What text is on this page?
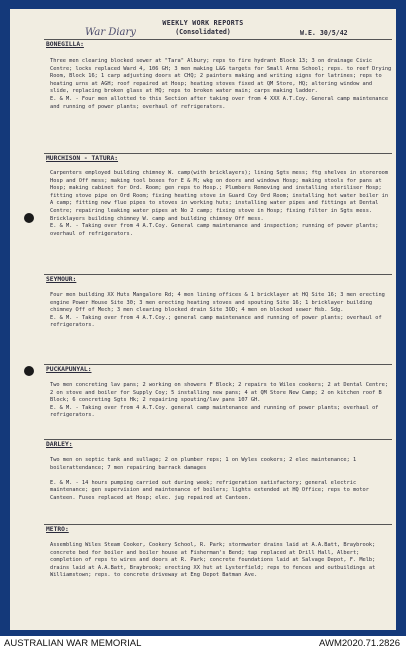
WEEKLY WORK REPORTS
(Consolidated)	W.E. 30/5/42
War Diary
BONEGILLA:
Three men clearing blocked sewer at "Tara" Albury; reps to fire hydrant Block 13; 3 on drainage Civic Centre; locks replaced Ward 4, 106 GH; 3 men making L&G targets for Small Arms School; reps. to reef Drying Room, Block 16; 1 carp adjusting doors at CHQ; 2 painters making and writing signs for latrines; reps to heating urns at AGH; roof repaired at Hosp; heating stoves fixed at QM Store, HQ; altering window and slide, replacing broken glass at HQ; reps to broken water main; carps making ladder.
E. & M. - Four men allotted to this Section after taking over from 4 XXX A.T.Coy. General camp maintenance and running of power plants; overhaul of refrigerators.
MURCHISON - TATURA:
Carpenters employed building chimney W. camp(with bricklayers); lining Sgts mess; ftg shelves in storeroom Hosp and Off mess; making tool boxes for E & M; wkg on doors and windows Hosp; making stools for pans at Hosp; making cabinet for Ord. Room; gen reps to Hosp.; Plumbers Removing and installing steriliser Hosp; fitting stove pipe on Ord Room; fixing heating stove in Guard Coy Ord Room; installing hot water boiler in A camp; fitting new flue pipes to stoves in working huts; installing water pipes and fittings at Dental Centre; repairing leaking water pipes at No 2 camp; fixing stove in Hosp; fixing filter in Sgts mess. Bricklayers building chimney W. camp and building chimney Off mess.
E. & M. - Taking over from 4 A.T.Coy. General camp maintenance and inspection; running of power plants; overhaul of refrigerators.
SEYMOUR:
Four men building XX Huts Mangalore Rd; 4 men lining offices & 1 bricklayer at HQ Site 16; 3 men erecting engine Power House Site 30; 3 men erecting heating stoves and spouting Site 16; 1 bricklayer building chimney Off of Mech; 3 men clearing blocked drain Site 3OD; 4 men on blocked sewer Hsb. Sdg.
E. & M. - Taking over from 4 A.T.Coy.; general camp maintenance and running of power plants; overhaul of refrigerators.
PUCKAPUNYAL:
Two men concreting lav pans; 2 working on showers F Block; 2 repairs to Wiles cookers; 2 at Dental Centre; 2 on stove and boiler for Supply Coy; 5 installing new pans; 4 at QM Store New Camp; 2 on kitchen roof B Block; 6 concreting Sgts Hk; 2 repairing spouting/lav pans 107 GH.
E. & M. - Taking over from 4 A.T.Coy. general camp maintenance and running of power plants; overhaul of refrigerators.
DARLEY:
Two men on septic tank and sullage; 2 on plumber reps; 1 on Wyles cookers; 2 elec maintenance; 1 boilerattendance; 7 men repairing barrack damages

E. & M. - 14 hours pumping carried out during week; refrigeration satisfactory; general electric maintenance; gen supervision and maintenance of boilers; lights extended at HQ Office; reps to motor Canteen. Fuses replaced at Hosp; elec. jug repaired at Canteen.
METRO:
Assembling Wiles Steam Cooker, Cookery School, R. Park; stormwater drains laid at A.A.Batt, Braybrook; concrete bed for boiler and boiler house at Fisherman's Bend; tap replaced at Drill Hall, Albert; completion of reps to wires and doors at R. Park; concrete foundations laid at Salvage Depot, F. Melb; drains laid at A.A.Batt, Braybrook; erecting XX hut at Lysterfield; reps to fences and outbuildings at Williamstown; reps. to concrete driveway at Eng Depot Batman Ave.
AUSTRALIAN WAR MEMORIAL	AWM2020.71.2826
